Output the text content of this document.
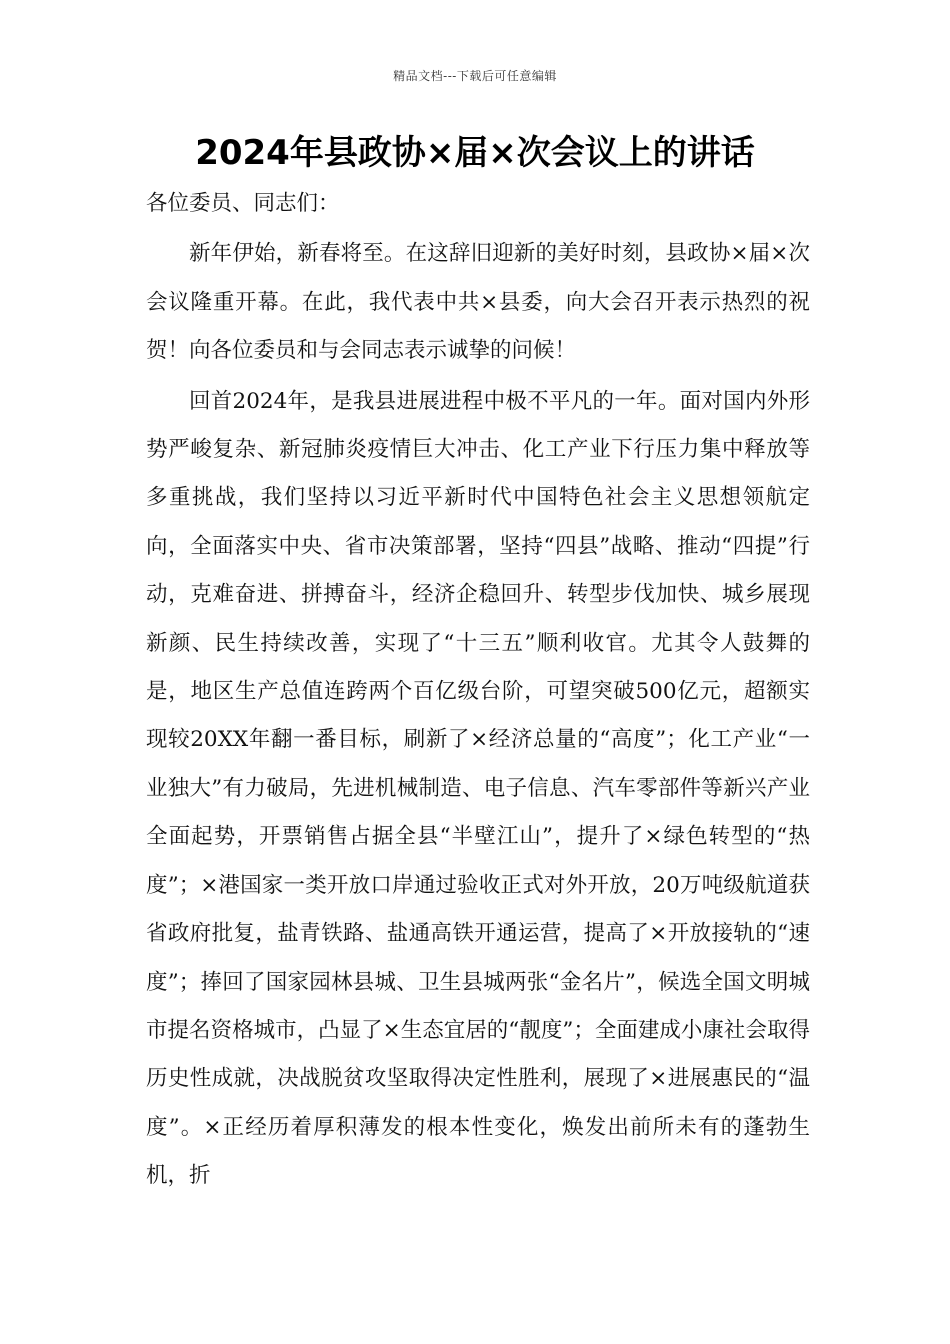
精品文档---下载后可任意编辑
2024年县政协×届×次会议上的讲话

各位委员、同志们：

新年伊始，新春将至。在这辞旧迎新的美好时刻，县政协×届×次会议隆重开幕。在此，我代表中共×县委，向大会召开表示热烈的祝贺！向各位委员和与会同志表示诚挚的问候！

回首2024年，是我县进展进程中极不平凡的一年。面对国内外形势严峻复杂、新冠肺炎疫情巨大冲击、化工产业下行压力集中释放等多重挑战，我们坚持以习近平新时代中国特色社会主义思想领航定向，全面落实中央、省市决策部署，坚持“四县”战略、推动“四提”行动，克难奋进、拼搏奋斗，经济企稳回升、转型步伐加快、城乡展现新颜、民生持续改善，实现了“十三五”顺利收官。尤其令人鼓舞的是，地区生产总值连跨两个百亿级台阶，可望突破500亿元，超额实现较20XX年翻一番目标，刷新了×经济总量的“高度”；化工产业“一业独大”有力破局，先进机械制造、电子信息、汽车零部件等新兴产业全面起势，开票销售占据全县“半壁江山”，提升了×绿色转型的“热度”；×港国家一类开放口岸通过验收正式对外开放，20万吨级航道获省政府批复，盐青铁路、盐通高铁开通运营，提高了×开放接轨的“速度”；捧回了国家园林县城、卫生县城两张“金名片”，候选全国文明城市提名资格城市，凸显了×生态宜居的“靓度”；全面建成小康社会取得历史性成就，决战脱贫攻坚取得决定性胜利，展现了×进展惠民的“温度”。×正经历着厚积薄发的根本性变化，焕发出前所未有的蓬勃生机，折
